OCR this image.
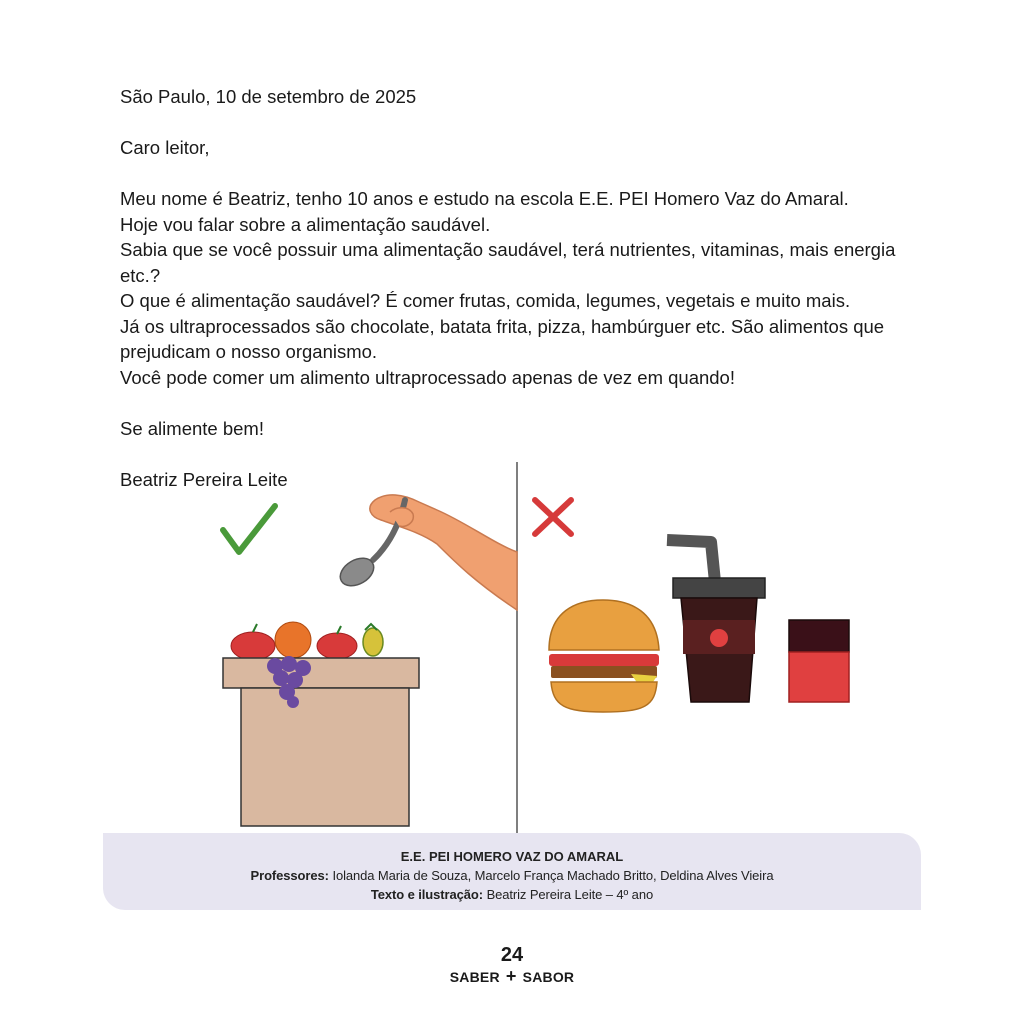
São Paulo, 10 de setembro de 2025

Caro leitor,

Meu nome é Beatriz, tenho 10 anos e estudo na escola E.E. PEI Homero Vaz do Amaral.

Hoje vou falar sobre a alimentação saudável.

Sabia que se você possuir uma alimentação saudável, terá nutrientes, vitaminas, mais energia etc.?

O que é alimentação saudável? É comer frutas, comida, legumes, vegetais e muito mais.

Já os ultraprocessados são chocolate, batata frita, pizza, hambúrguer etc. São alimentos que prejudicam o nosso organismo.

Você pode comer um alimento ultraprocessado apenas de vez em quando!

Se alimente bem!

Beatriz Pereira Leite

E.E. PEI HOMERO VAZ DO AMARAL
Professores: Iolanda Maria de Souza, Marcelo França Machado Britto, Deldina Alves Vieira
Texto e ilustração: Beatriz Pereira Leite – 4º ano
24
SABER + SABOR
